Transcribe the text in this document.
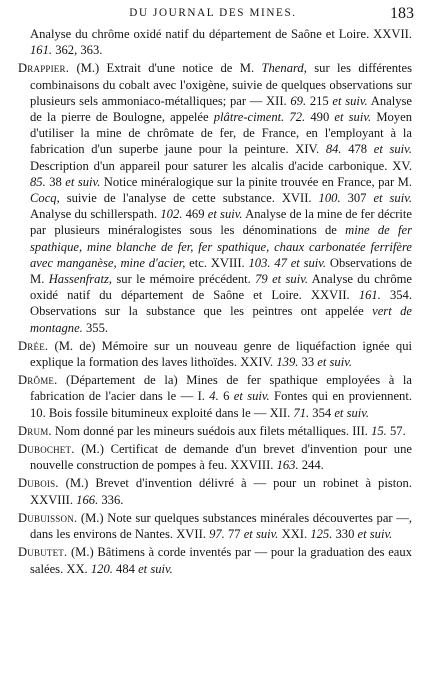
DU JOURNAL DES MINES.	183

Analyse du chrôme oxidé natif du département de Saône et Loire. XXVII. 161. 362, 363.

Drappier. (M.) Extrait d'une notice de M. Thenard, sur les différentes combinaisons du cobalt avec l'oxigène, suivie de quelques observations sur plusieurs sels ammoniaco-métalliques; par — XII. 69. 215 et suiv. Analyse de la pierre de Boulogne, appelée plâtre-ciment. 72. 490 et suiv. Moyen d'utiliser la mine de chrômate de fer, de France, en l'employant à la fabrication d'un superbe jaune pour la peinture. XIV. 84. 478 et suiv. Description d'un appareil pour saturer les alcalis d'acide carbonique. XV. 85. 38 et suiv. Notice minéralogique sur la pinite trouvée en France, par M. Cocq, suivie de l'analyse de cette substance. XVII. 100. 307 et suiv. Analyse du schillerspath. 102. 469 et suiv. Analyse de la mine de fer décrite par plusieurs minéralogistes sous les dénominations de mine de fer spathique, mine blanche de fer, fer spathique, chaux carbonatée ferrifère avec manganèse, mine d'acier, etc. XVIII. 103. 47 et suiv. Observations de M. Hassenfratz, sur le mémoire précédent. 79 et suiv. Analyse du chrôme oxidé natif du département de Saône et Loire. XXVII. 161. 354. Observations sur la substance que les peintres ont appelée vert de montagne. 355.

Drée. (M. de) Mémoire sur un nouveau genre de liquéfaction ignée qui explique la formation des laves lithoïdes. XXIV. 139. 33 et suiv.

Drôme. (Département de la) Mines de fer spathique employées à la fabrication de l'acier dans le — I. 4. 6 et suiv. Fontes qui en proviennent. 10. Bois fossile bitumineux exploité dans le — XII. 71. 354 et suiv.

Drum. Nom donné par les mineurs suédois aux filets métalliques. III. 15. 57.

Dubochet. (M.) Certificat de demande d'un brevet d'invention pour une nouvelle construction de pompes à feu. XXVIII. 163. 244.

Dubois. (M.) Brevet d'invention délivré à — pour un robinet à piston. XXVIII. 166. 336.

Dubuisson. (M.) Note sur quelques substances minérales découvertes par —, dans les environs de Nantes. XVII. 97. 77 et suiv. XXI. 125. 330 et suiv.

Dubutet. (M.) Bâtimens à corde inventés par — pour la graduation des eaux salées. XX. 120. 484 et suiv.
